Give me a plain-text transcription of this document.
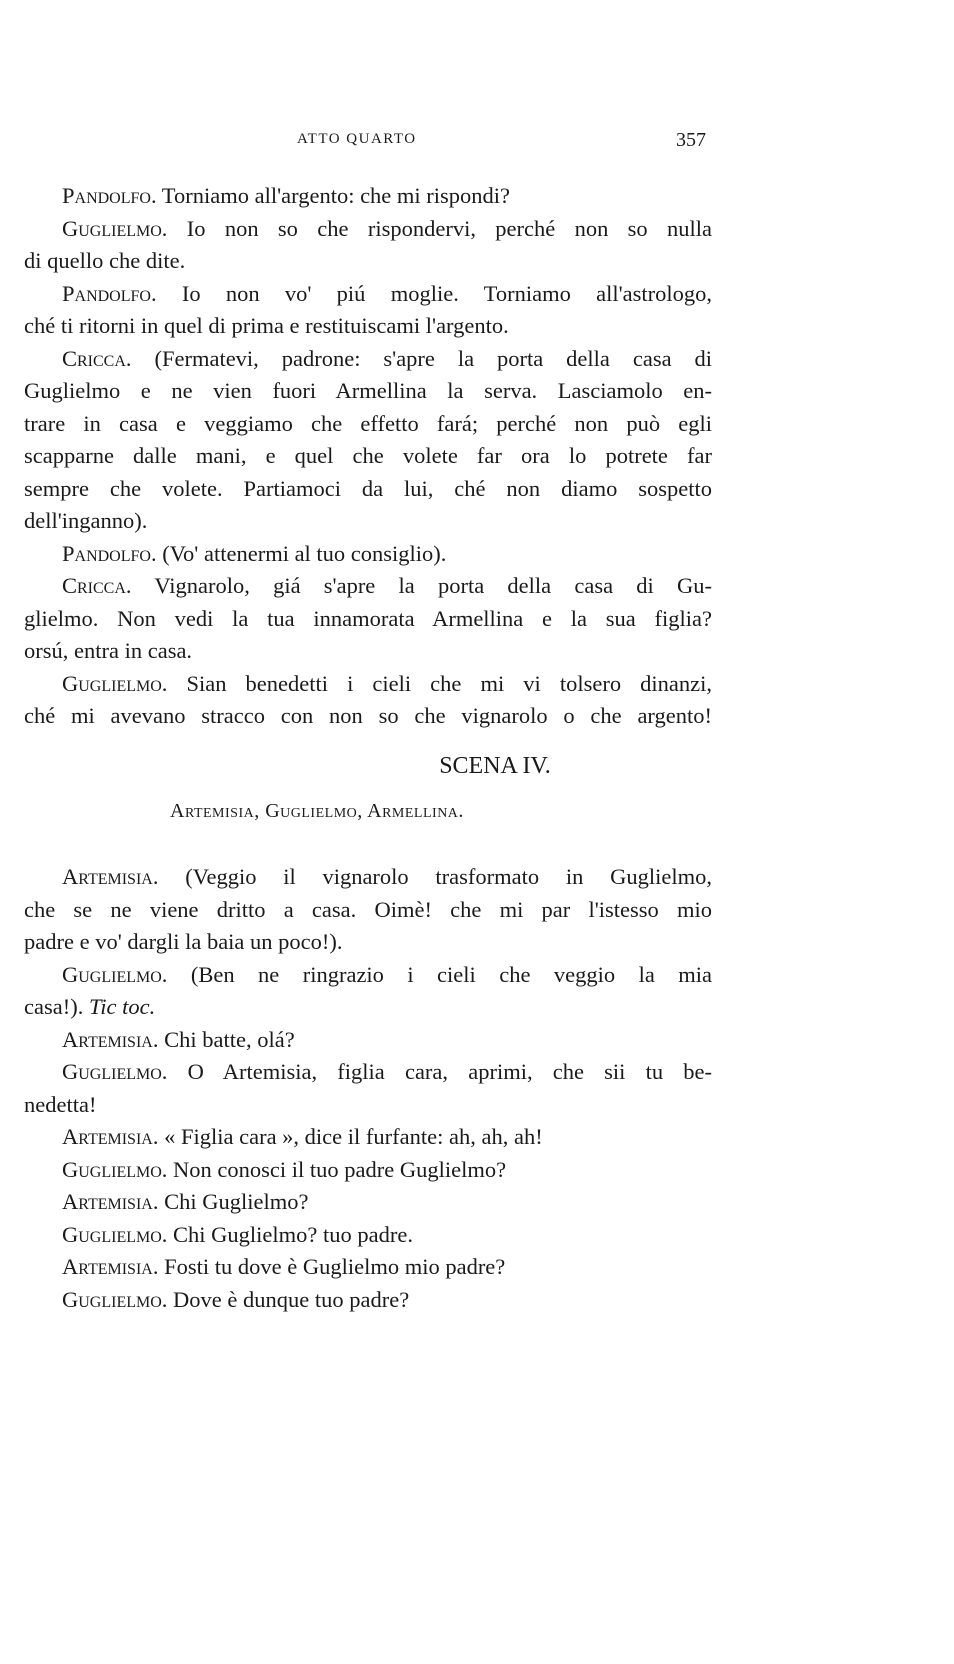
ATTO QUARTO	357
SCENA IV.
Artemisia, Guglielmo, Armellina.
Pandolfo. Torniamo all'argento: che mi rispondi?
Guglielmo. Io non so che rispondervi, perché non so nulla
di quello che dite.
Pandolfo. Io non vo' piú moglie. Torniamo all'astrologo,
ché ti ritorni in quel di prima e restituiscami l'argento.
Cricca. (Fermatevi, padrone: s'apre la porta della casa di
Guglielmo e ne vien fuori Armellina la serva. Lasciamolo en-
trare in casa e veggiamo che effetto fará; perché non può egli
scapparne dalle mani, e quel che volete far ora lo potrete far
sempre che volete. Partiamoci da lui, ché non diamo sospetto
dell'inganno).
Pandolfo. (Vo' attenermi al tuo consiglio).
Cricca. Vignarolo, giá s'apre la porta della casa di Gu-
glielmo. Non vedi la tua innamorata Armellina e la sua figlia?
orsú, entra in casa.
Guglielmo. Sian benedetti i cieli che mi vi tolsero dinanzi,
ché mi avevano stracco con non so che vignarolo o che argento!
Artemisia. (Veggio il vignarolo trasformato in Guglielmo,
che se ne viene dritto a casa. Oimè! che mi par l'istesso mio
padre e vo' dargli la baia un poco!).
Guglielmo. (Ben ne ringrazio i cieli che veggio la mia
casa!). Tic toc.
Artemisia. Chi batte, olá?
Guglielmo. O Artemisia, figlia cara, aprimi, che sii tu be-
nedetta!
Artemisia. « Figlia cara », dice il furfante: ah, ah, ah!
Guglielmo. Non conosci il tuo padre Guglielmo?
Artemisia. Chi Guglielmo?
Guglielmo. Chi Guglielmo? tuo padre.
Artemisia. Fosti tu dove è Guglielmo mio padre?
Guglielmo. Dove è dunque tuo padre?
